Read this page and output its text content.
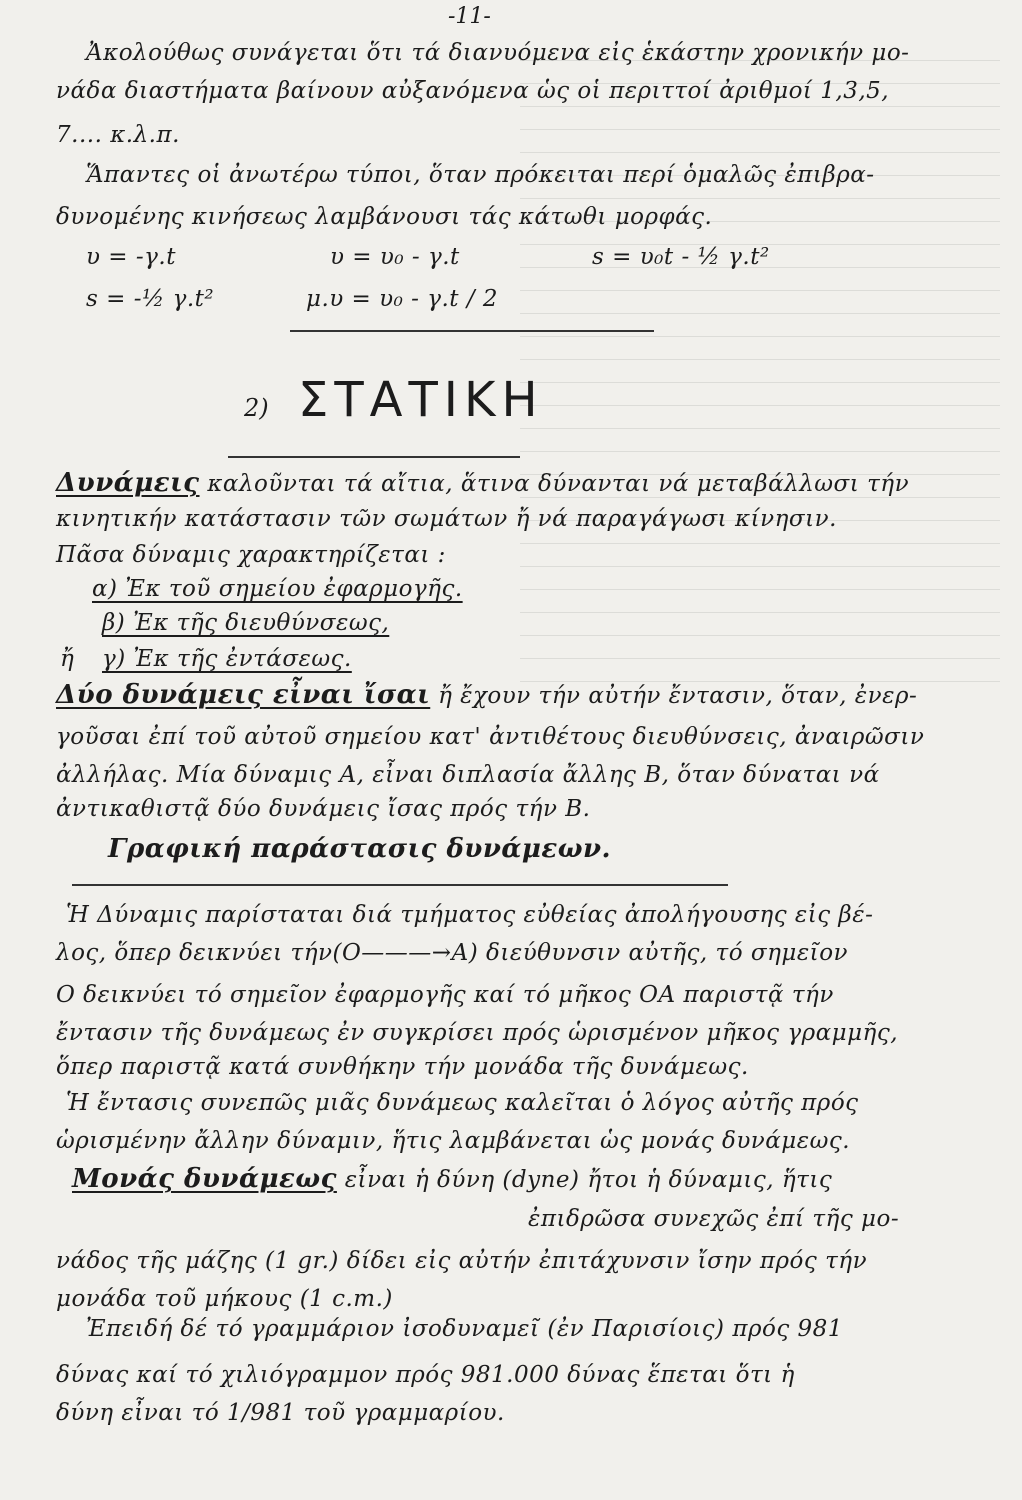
-11-
Ἀκολούθως συνάγεται ὅτι τά διανυόμενα εἰς ἑκάστην χρονικήν μο-
νάδα διαστήματα βαίνουν αὐξανόμενα ὡς οἱ περιττοί ἀριθμοί 1,3,5,
7.... κ.λ.π.
Ἅπαντες οἱ ἀνωτέρω τύποι, ὅταν πρόκειται περί ὁμαλῶς ἐπιβρα-
δυνομένης κινήσεως λαμβάνουσι τάς κάτωθι μορφάς.
υ = -γ.t	υ = υ₀ - γ.t	s = υ₀t - ½ γ.t²
s = -½ γ.t²	μ.υ = υ₀ - γ.t / 2
2) ΣΤΑΤΙΚΗ
Δυνάμεις καλοῦνται τά αἴτια, ἅτινα δύνανται νά μεταβάλλωσι τήν
κινητικήν κατάστασιν τῶν σωμάτων ἤ νά παραγάγωσι κίνησιν.
Πᾶσα δύναμις χαρακτηρίζεται :
α) Ἐκ τοῦ σημείου ἐφαρμογῆς.
β) Ἐκ τῆς διευθύνσεως,
ἤ γ) Ἐκ τῆς ἐντάσεως.
Δύο δυνάμεις εἶναι ἴσαι ἤ ἔχουν τήν αὐτήν ἔντασιν, ὅταν, ἐνερ-
γοῦσαι ἐπί τοῦ αὐτοῦ σημείου κατ' ἀντιθέτους διευθύνσεις, ἀναιρῶσιν
ἀλλήλας. Μία δύναμις Α, εἶναι διπλασία ἄλλης Β, ὅταν δύναται νά
ἀντικαθιστᾷ δύο δυνάμεις ἴσας πρός τήν Β.
Γραφική παράστασις δυνάμεων.
Ἡ Δύναμις παρίσταται διά τμήματος εὐθείας ἀπολήγουσης εἰς βέ-
λος, ὅπερ δεικνύει τήν(Ο———→Α) διεύθυνσιν αὐτῆς, τό σημεῖον
Ο δεικνύει τό σημεῖον ἐφαρμογῆς καί τό μῆκος ΟΑ παριστᾷ τήν
ἔντασιν τῆς δυνάμεως ἐν συγκρίσει πρός ὡρισμένον μῆκος γραμμῆς,
ὅπερ παριστᾷ κατά συνθήκην τήν μονάδα τῆς δυνάμεως.
Ἡ ἔντασις συνεπῶς μιᾶς δυνάμεως καλεῖται ὁ λόγος αὐτῆς πρός
ὡρισμένην ἄλλην δύναμιν, ἥτις λαμβάνεται ὡς μονάς δυνάμεως.
Μονάς δυνάμεως εἶναι ἡ δύνη (dyne) ἤτοι ἡ δύναμις, ἥτις
ἐπιδρῶσα συνεχῶς ἐπί τῆς μο-
νάδος τῆς μάζης (1 gr.) δίδει εἰς αὐτήν ἐπιτάχυνσιν ἴσην πρός τήν
μονάδα τοῦ μήκους (1 c.m.)
Ἐπειδή δέ τό γραμμάριον ἰσοδυναμεῖ (ἐν Παρισίοις) πρός 981
δύνας καί τό χιλιόγραμμον πρός 981.000 δύνας ἕπεται ὅτι ἡ
δύνη εἶναι τό 1/981 τοῦ γραμμαρίου.
